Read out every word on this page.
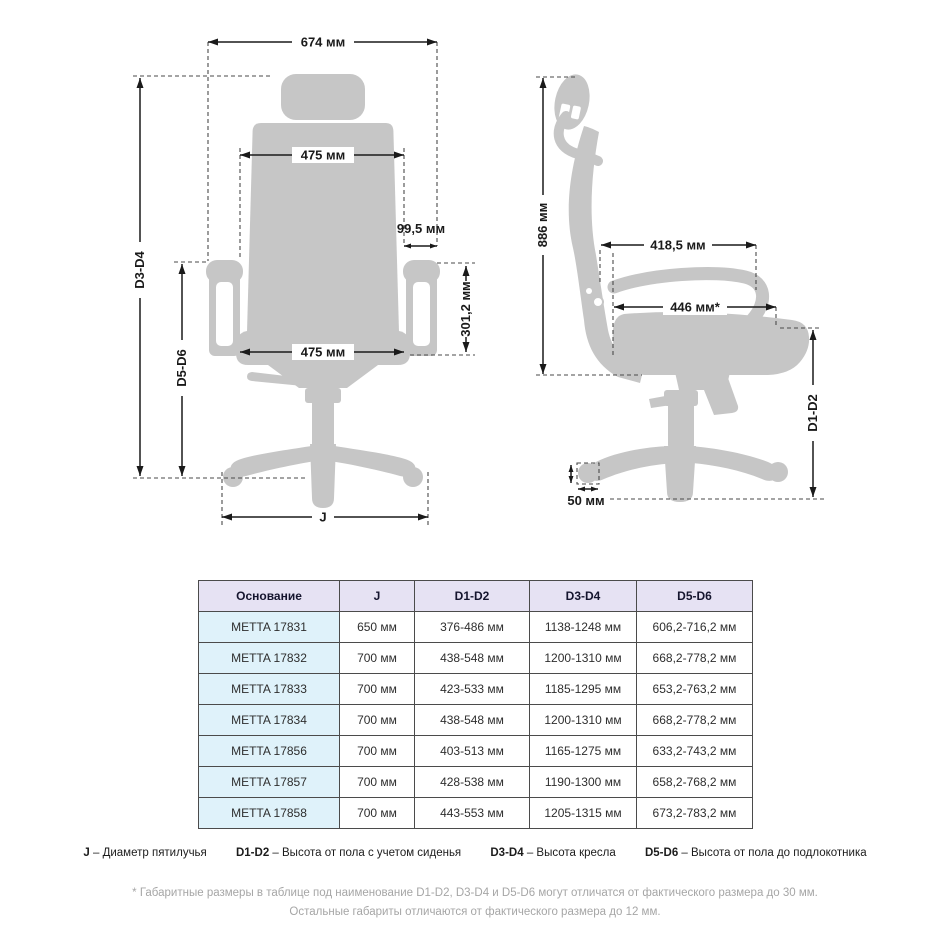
674 мм
D3-D4
475 мм
99,5 мм
301,2 мм
D5-D6	475 мм
J
886 мм	418,5 мм
446 мм*
D1-D2
50 мм
Основание	J	D1-D2	D3-D4	D5-D6
METTA 17831	650 мм	376-486 мм	1138-1248 мм	606,2-716,2 мм
METTA 17832	700 мм	438-548 мм	1200-1310 мм	668,2-778,2 мм
METTA 17833	700 мм	423-533 мм	1185-1295 мм	653,2-763,2 мм
METTA 17834	700 мм	438-548 мм	1200-1310 мм	668,2-778,2 мм
METTA 17856	700 мм	403-513 мм	1165-1275 мм	633,2-743,2 мм
METTA 17857	700 мм	428-538 мм	1190-1300 мм	658,2-768,2 мм
METTA 17858	700 мм	443-553 мм	1205-1315 мм	673,2-783,2 мм
J – Диаметр пятилучья	D1-D2 – Высота от пола с учетом сиденья	D3-D4 – Высота кресла	D5-D6 – Высота от пола до подлокотника
* Габаритные размеры в таблице под наименование D1-D2, D3-D4 и D5-D6 могут отличатся от фактического размера до 30 мм.
Остальные габариты отличаются от фактического размера до 12 мм.
